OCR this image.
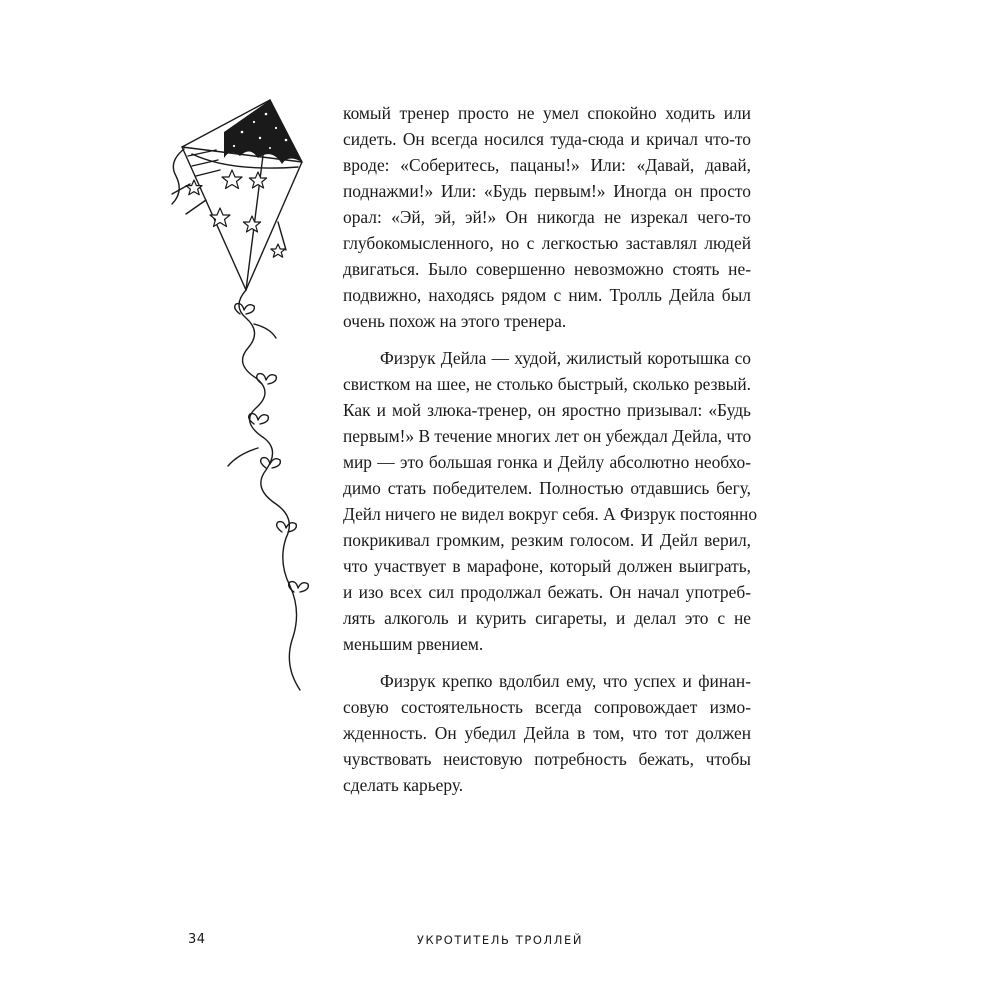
комый тренер просто не умел спокойно ходить или
сидеть. Он всегда носился туда-сюда и кричал что-то
вроде: «Соберитесь, пацаны!» Или: «Давай, давай,
поднажми!» Или: «Будь первым!» Иногда он просто
орал: «Эй, эй, эй!» Он никогда не изрекал чего-то
глубокомысленного, но с легкостью заставлял людей
двигаться. Было совершенно невозможно стоять не-
подвижно, находясь рядом с ним. Тролль Дейла был
очень похож на этого тренера.
Физрук Дейла — худой, жилистый коротышка со
свистком на шее, не столько быстрый, сколько резвый.
Как и мой злюка-тренер, он яростно призывал: «Будь
первым!» В течение многих лет он убеждал Дейла, что
мир — это большая гонка и Дейлу абсолютно необхо-
димо стать победителем. Полностью отдавшись бегу,
Дейл ничего не видел вокруг себя. А Физрук постоянно
покрикивал громким, резким голосом. И Дейл верил,
что участвует в марафоне, который должен выиграть,
и изо всех сил продолжал бежать. Он начал употреб-
лять алкоголь и курить сигареты, и делал это с не
меньшим рвением.
Физрук крепко вдолбил ему, что успех и финан-
совую состоятельность всегда сопровождает измо-
жденность. Он убедил Дейла в том, что тот должен
чувствовать неистовую потребность бежать, чтобы
сделать карьеру.
34	УКРОТИТЕЛЬ ТРОЛЛЕЙ
